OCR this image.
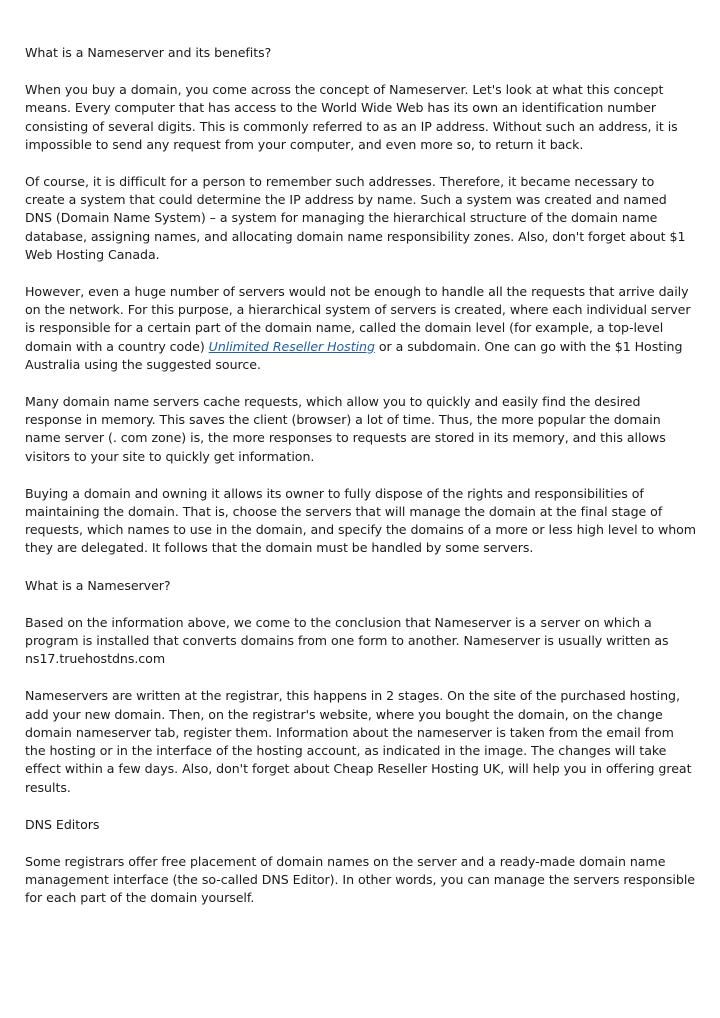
What is a Nameserver and its benefits?

When you buy a domain, you come across the concept of Nameserver. Let's look at what this concept means. Every computer that has access to the World Wide Web has its own an identification number consisting of several digits. This is commonly referred to as an IP address. Without such an address, it is impossible to send any request from your computer, and even more so, to return it back.

Of course, it is difficult for a person to remember such addresses. Therefore, it became necessary to create a system that could determine the IP address by name. Such a system was created and named DNS (Domain Name System) – a system for managing the hierarchical structure of the domain name database, assigning names, and allocating domain name responsibility zones. Also, don't forget about $1 Web Hosting Canada.

However, even a huge number of servers would not be enough to handle all the requests that arrive daily on the network. For this purpose, a hierarchical system of servers is created, where each individual server is responsible for a certain part of the domain name, called the domain level (for example, a top-level domain with a country code) Unlimited Reseller Hosting or a subdomain. One can go with the $1 Hosting Australia using the suggested source.

Many domain name servers cache requests, which allow you to quickly and easily find the desired response in memory. This saves the client (browser) a lot of time. Thus, the more popular the domain name server (. com zone) is, the more responses to requests are stored in its memory, and this allows visitors to your site to quickly get information.

Buying a domain and owning it allows its owner to fully dispose of the rights and responsibilities of maintaining the domain. That is, choose the servers that will manage the domain at the final stage of requests, which names to use in the domain, and specify the domains of a more or less high level to whom they are delegated. It follows that the domain must be handled by some servers.

What is a Nameserver?

Based on the information above, we come to the conclusion that Nameserver is a server on which a program is installed that converts domains from one form to another. Nameserver is usually written as ns17.truehostdns.com

Nameservers are written at the registrar, this happens in 2 stages. On the site of the purchased hosting, add your new domain. Then, on the registrar's website, where you bought the domain, on the change domain nameserver tab, register them. Information about the nameserver is taken from the email from the hosting or in the interface of the hosting account, as indicated in the image. The changes will take effect within a few days. Also, don't forget about Cheap Reseller Hosting UK, will help you in offering great results.

DNS Editors

Some registrars offer free placement of domain names on the server and a ready-made domain name management interface (the so-called DNS Editor). In other words, you can manage the servers responsible for each part of the domain yourself.
